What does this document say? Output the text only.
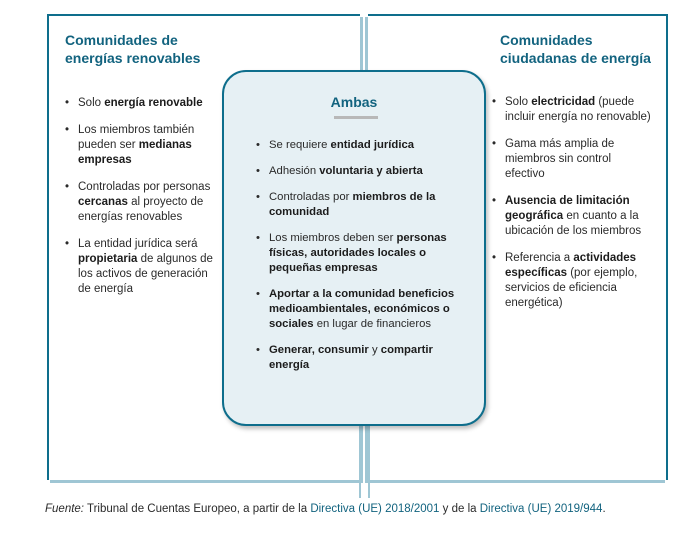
Comunidades de
energías renovables
• Solo energía renovable
• Los miembros también pueden ser medianas empresas
• Controladas por personas cercanas al proyecto de energías renovables
• La entidad jurídica será propietaria de algunos de los activos de generación de energía
Comunidades
ciudadanas de energía
• Solo electricidad (puede incluir energía no renovable)
• Gama más amplia de miembros sin control efectivo
• Ausencia de limitación geográfica en cuanto a la ubicación de los miembros
• Referencia a actividades específicas (por ejemplo, servicios de eficiencia energética)
Ambas
• Se requiere entidad jurídica
• Adhesión voluntaria y abierta
• Controladas por miembros de la comunidad
• Los miembros deben ser personas físicas, autoridades locales o pequeñas empresas
• Aportar a la comunidad beneficios medioambientales, económicos o sociales en lugar de financieros
• Generar, consumir y compartir energía
Fuente: Tribunal de Cuentas Europeo, a partir de la Directiva (UE) 2018/2001 y de la Directiva (UE) 2019/944.
